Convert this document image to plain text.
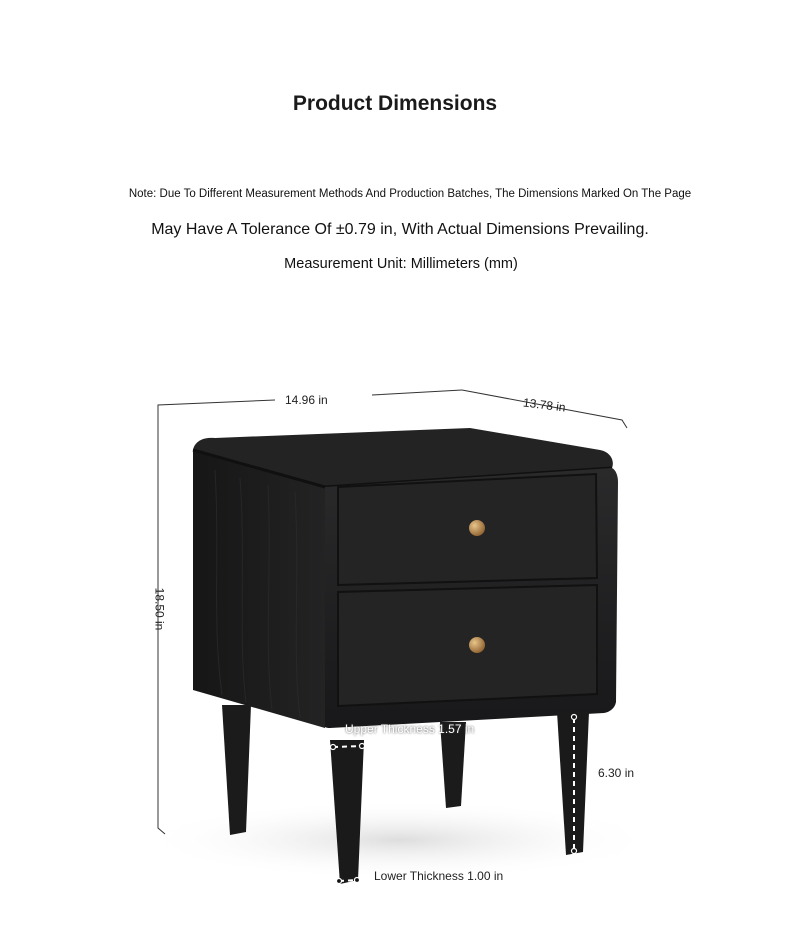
Product Dimensions
Note: Due To Different Measurement Methods And Production Batches, The Dimensions Marked On The Page
May Have A Tolerance Of ±0.79 in, With Actual Dimensions Prevailing.
Measurement Unit: Millimeters (mm)
14.96 in	13.78 in
18.50 in
6.30 in
Upper Thickness 1.57 in
Lower Thickness 1.00 in
